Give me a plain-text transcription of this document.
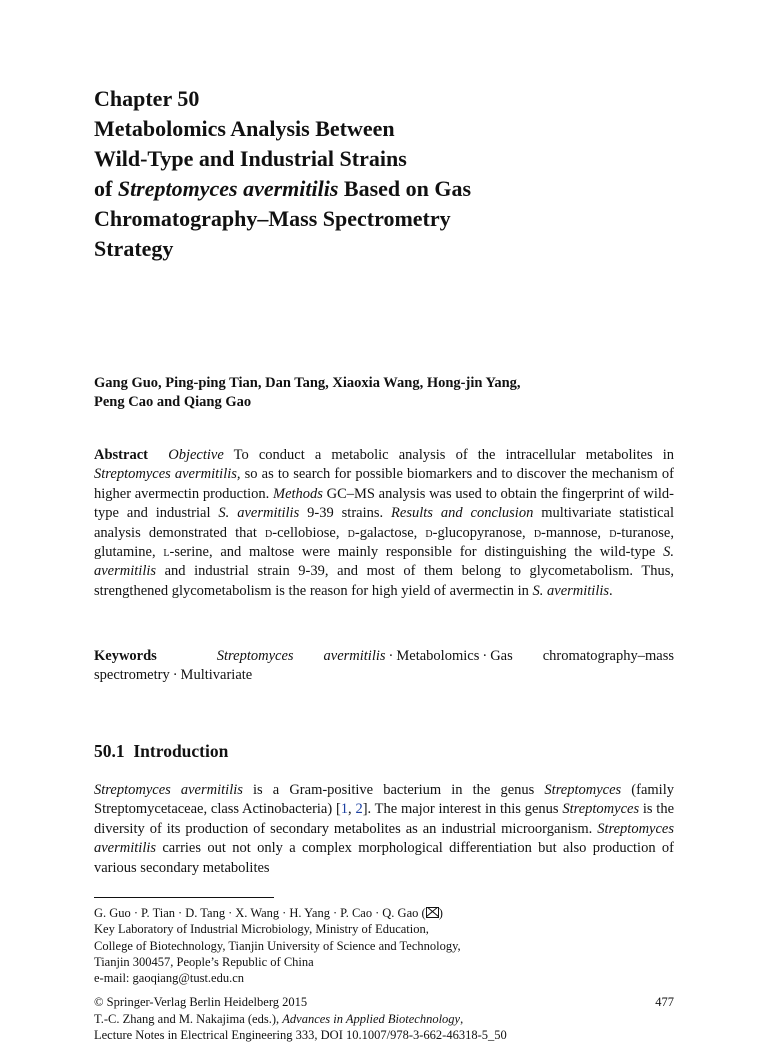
Chapter 50

Metabolomics Analysis Between
Wild-Type and Industrial Strains
of Streptomyces avermitilis Based on Gas
Chromatography–Mass Spectrometry
Strategy
Gang Guo, Ping-ping Tian, Dan Tang, Xiaoxia Wang, Hong-jin Yang,
Peng Cao and Qiang Gao

Abstract Objective To conduct a metabolic analysis of the intracellular metabolites in Streptomyces avermitilis, so as to search for possible biomarkers and to discover the mechanism of higher avermectin production. Methods GC–MS analysis was used to obtain the fingerprint of wild-type and industrial S. avermitilis 9-39 strains. Results and conclusion multivariate statistical analysis demonstrated that d-cellobiose, d-galactose, d-glucopyranose, d-mannose, d-turanose, glutamine, l-serine, and maltose were mainly responsible for distinguishing the wild-type S. avermitilis and industrial strain 9-39, and most of them belong to glycometabolism. Thus, strengthened glycometabolism is the reason for high yield of avermectin in S. avermitilis.

Keywords	Streptomyces avermitilis · Metabolomics · Gas chromatography–mass spectrometry · Multivariate

50.1 Introduction

Streptomyces avermitilis is a Gram-positive bacterium in the genus Streptomyces (family Streptomycetaceae, class Actinobacteria) [1, 2]. The major interest in this genus Streptomyces is the diversity of its production of secondary metabolites as an industrial microorganism. Streptomyces avermitilis carries out not only a complex morphological differentiation but also production of various secondary metabolites

G. Guo · P. Tian · D. Tang · X. Wang · H. Yang · P. Cao · Q. Gao ( )
Key Laboratory of Industrial Microbiology, Ministry of Education,
College of Biotechnology, Tianjin University of Science and Technology,
Tianjin 300457, People’s Republic of China
e-mail: gaoqiang@tust.edu.cn
© Springer-Verlag Berlin Heidelberg 2015	477
T.-C. Zhang and M. Nakajima (eds.), Advances in Applied Biotechnology,
Lecture Notes in Electrical Engineering 333, DOI 10.1007/978-3-662-46318-5_50
